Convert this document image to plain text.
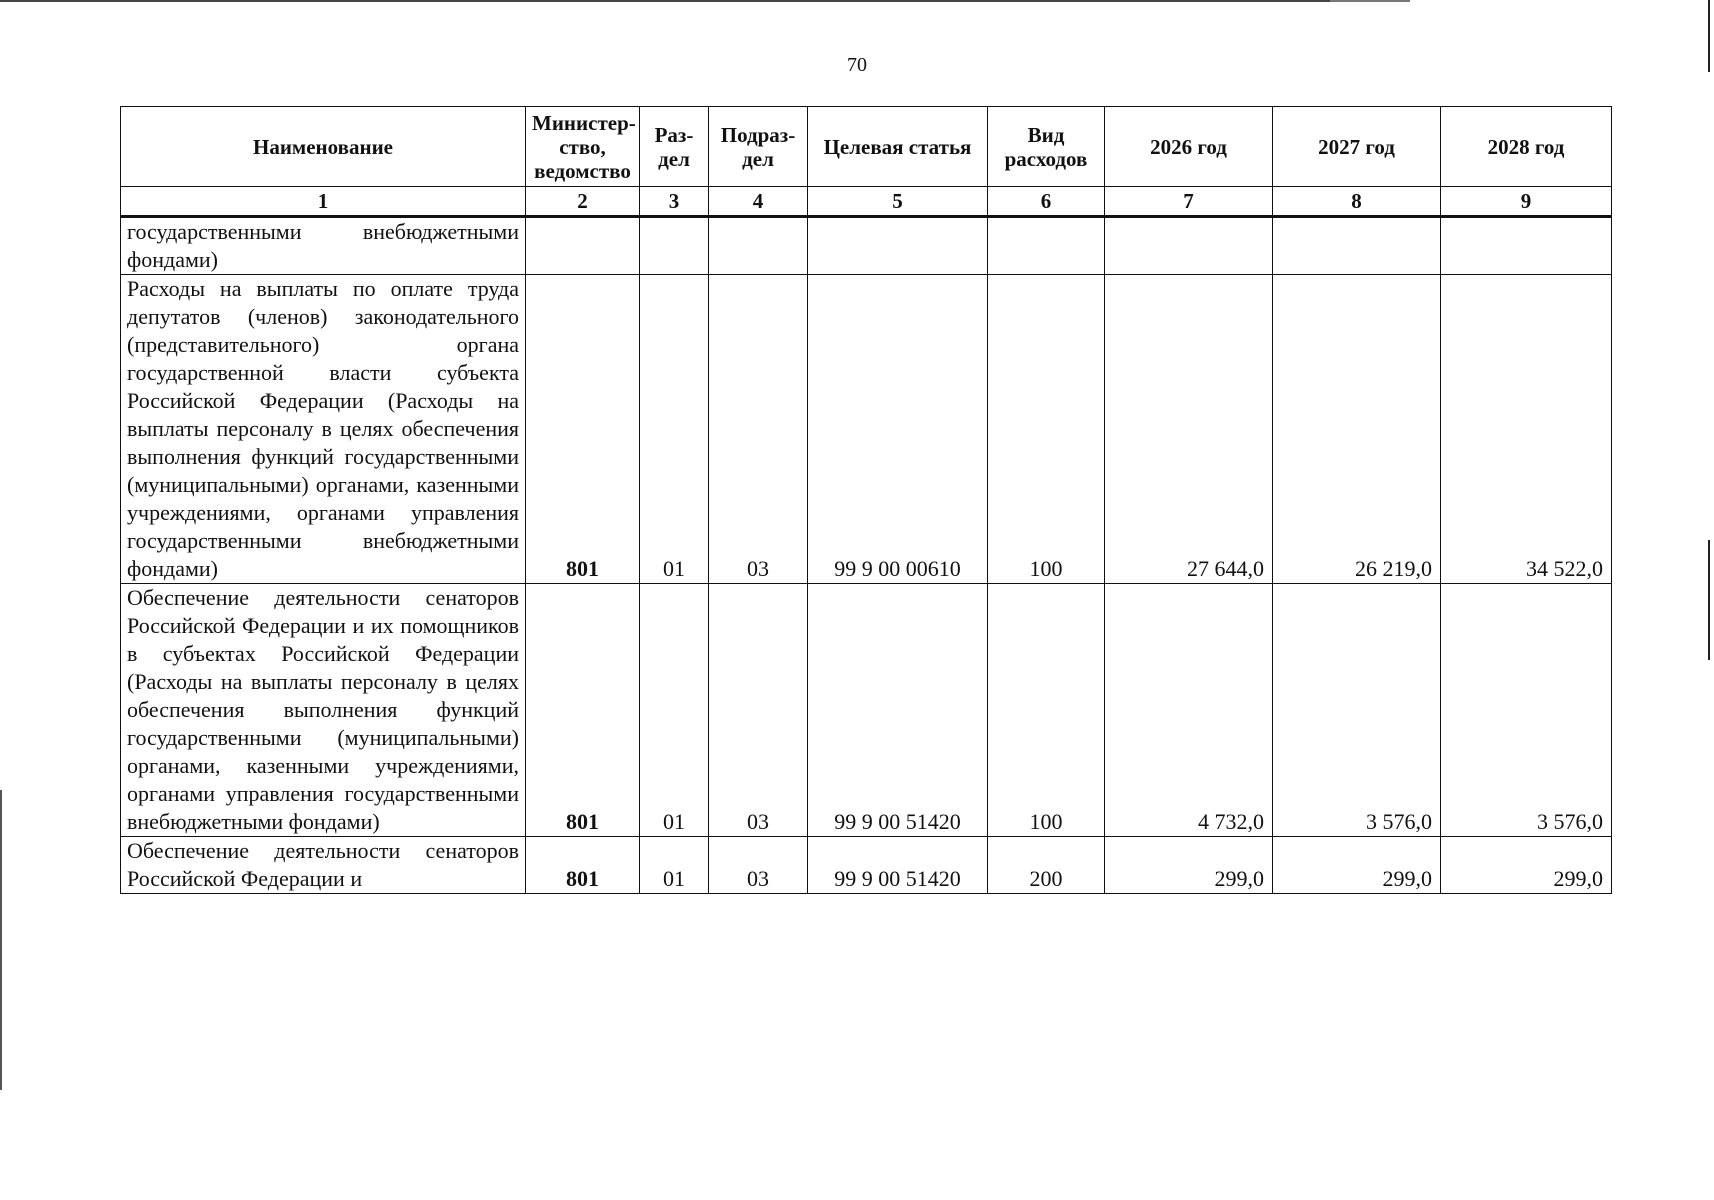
70
Наименование	Министер-ство, ведомство	Раз-дел	Подраз-дел	Целевая статья	Вид расходов	2026 год	2027 год	2028 год
1	2	3	4	5	6	7	8	9
государственными внебюджетными фондами)								
Расходы на выплаты по оплате труда депутатов (членов) законодательного (представительного) органа государственной власти субъекта Российской Федерации (Расходы на выплаты персоналу в целях обеспечения выполнения функций государственными (муниципальными) органами, казенными учреждениями, органами управления государственными внебюджетными фондами)	801	01	03	99 9 00 00610	100	27 644,0	26 219,0	34 522,0
Обеспечение деятельности сенаторов Российской Федерации и их помощников в субъектах Российской Федерации (Расходы на выплаты персоналу в целях обеспечения выполнения функций государственными (муниципальными) органами, казенными учреждениями, органами управления государственными внебюджетными фондами)	801	01	03	99 9 00 51420	100	4 732,0	3 576,0	3 576,0
Обеспечение деятельности сенаторов Российской Федерации и	801	01	03	99 9 00 51420	200	299,0	299,0	299,0
